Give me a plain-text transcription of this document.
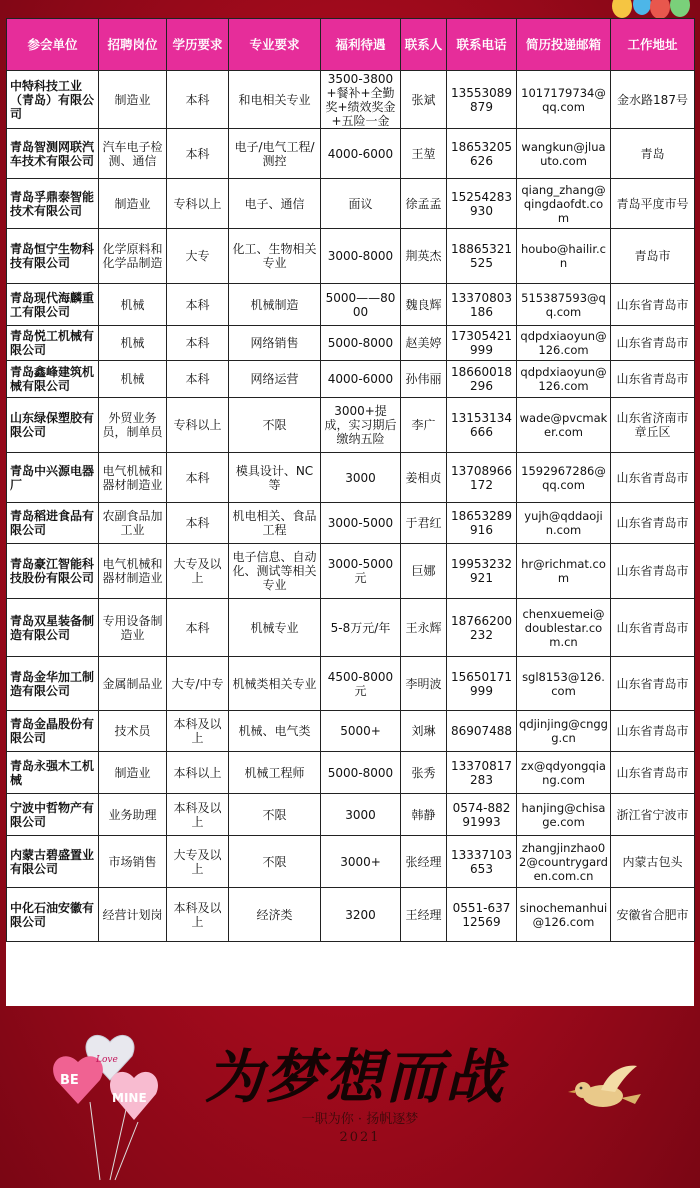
参会单位	招聘岗位	学历要求	专业要求	福利待遇	联系人	联系电话	简历投递邮箱	工作地址
中特科技工业（青岛）有限公司	制造业	本科	和电相关专业	3500-3800+餐补+全勤奖+绩效奖金+五险一金	张斌	13553089879	1017179734@qq.com	金水路187号
青岛智测网联汽车技术有限公司	汽车电子检测、通信	本科	电子/电气工程/测控	4000-6000	王堃	18653205626	wangkun@jluauto.com	青岛
青岛孚鼎泰智能技术有限公司	制造业	专科以上	电子、通信	面议	徐孟孟	15254283930	qiang_zhang@qingdaofdt.com	青岛平度市号
青岛恒宁生物科技有限公司	化学原料和化学品制造	大专	化工、生物相关专业	3000-8000	荆英杰	18865321525	houbo@hailir.cn	青岛市
青岛现代海麟重工有限公司	机械	本科	机械制造	5000——8000	魏良辉	13370803186	515387593@qq.com	山东省青岛市
青岛悦工机械有限公司	机械	本科	网络销售	5000-8000	赵美婷	17305421999	qdpdxiaoyun@126.com	山东省青岛市
青岛鑫峰建筑机械有限公司	机械	本科	网络运营	4000-6000	孙伟丽	18660018296	qdpdxiaoyun@126.com	山东省青岛市
山东绿保塑胶有限公司	外贸业务员，制单员	专科以上	不限	3000+提成，实习期后缴纳五险	李广	13153134666	wade@pvcmaker.com	山东省济南市章丘区
青岛中兴源电器厂	电气机械和器材制造业	本科	模具设计、NC等	3000	姜相贞	13708966172	1592967286@qq.com	山东省青岛市
青岛稻进食品有限公司	农副食品加工业	本科	机电相关、食品工程	3000-5000	于君红	18653289916	yujh@qddaojin.com	山东省青岛市
青岛豪江智能科技股份有限公司	电气机械和器材制造业	大专及以上	电子信息、自动化、测试等相关专业	3000-5000元	巨娜	19953232921	hr@richmat.com	山东省青岛市
青岛双星装备制造有限公司	专用设备制造业	本科	机械专业	5-8万元/年	王永辉	18766200232	chenxuemei@doublestar.com.cn	山东省青岛市
青岛金华加工制造有限公司	金属制品业	大专/中专	机械类相关专业	4500-8000元	李明波	15650171999	sgl8153@126.com	山东省青岛市
青岛金晶股份有限公司	技术员	本科及以上	机械、电气类	5000+	刘琳	86907488	qdjinjing@cnggg.cn	山东省青岛市
青岛永强木工机械	制造业	本科以上	机械工程师	5000-8000	张秀	13370817283	zx@qdyongqiang.com	山东省青岛市
宁波中哲物产有限公司	业务助理	本科及以上	不限	3000	韩静	0574-88291993	hanjing@chisage.com	浙江省宁波市
内蒙古碧盛置业有限公司	市场销售	大专及以上	不限	3000+	张经理	13337103653	zhangjinzhao02@countrygarden.com.cn	内蒙古包头
中化石油安徽有限公司	经营计划岗	本科及以上	经济类	3200	王经理	0551-63712569	sinochemanhui@126.com	安徽省合肥市
BE
MINE
Love 为梦想而战
一职为你 · 扬帆逐梦
2021
